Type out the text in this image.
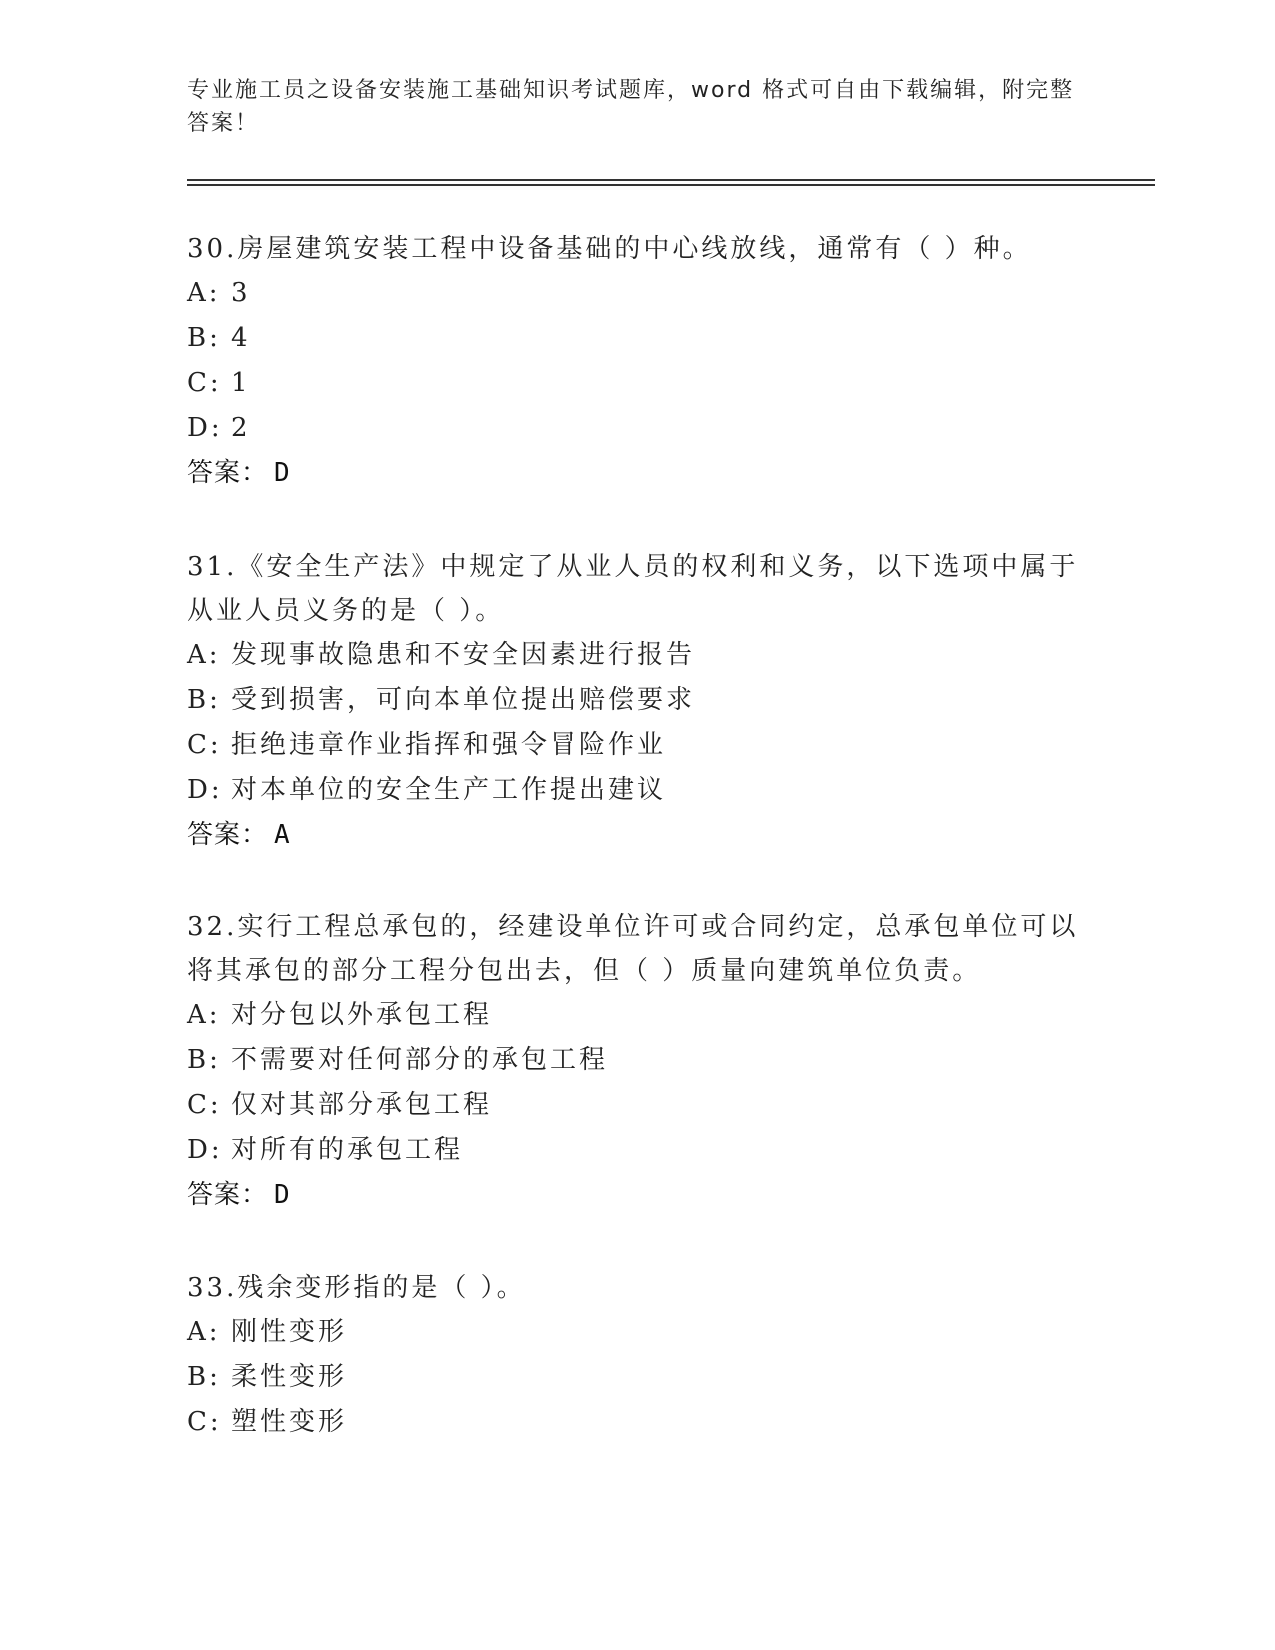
专业施工员之设备安装施工基础知识考试题库，word 格式可自由下载编辑，附完整答案！

30.房屋建筑安装工程中设备基础的中心线放线，通常有（ ）种。

A: 3

B: 4

C: 1

D: 2

答案： D

31.《安全生产法》中规定了从业人员的权利和义务，以下选项中属于从业人员义务的是（ ）。

A: 发现事故隐患和不安全因素进行报告

B: 受到损害，可向本单位提出赔偿要求

C: 拒绝违章作业指挥和强令冒险作业

D: 对本单位的安全生产工作提出建议

答案： A

32.实行工程总承包的，经建设单位许可或合同约定，总承包单位可以将其承包的部分工程分包出去，但（ ）质量向建筑单位负责。

A: 对分包以外承包工程

B: 不需要对任何部分的承包工程

C: 仅对其部分承包工程

D: 对所有的承包工程

答案： D

33.残余变形指的是（ ）。

A: 刚性变形

B: 柔性变形

C: 塑性变形
